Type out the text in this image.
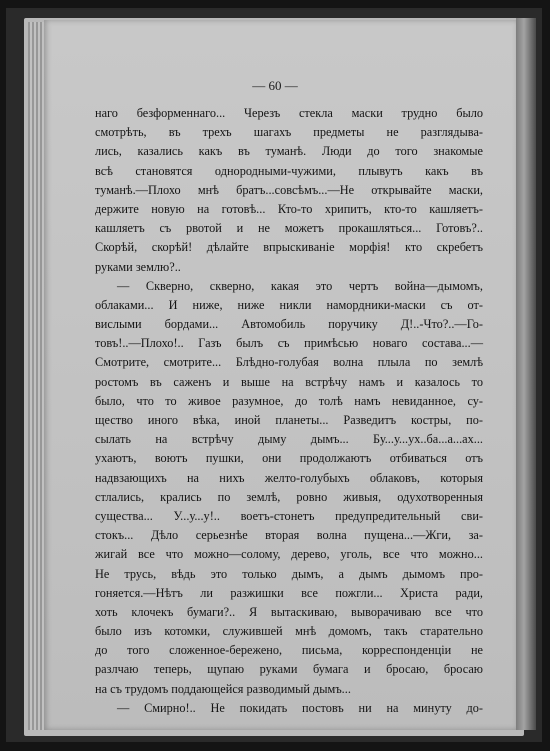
— 60 —
наго безформеннаго... Черезъ стекла маски трудно было
смотрѣть, въ трехъ шагахъ предметы не разглядыва-
лись, казались какъ въ туманѣ. Люди до того знакомые
всѣ становятся однородными-чужими, плывутъ какъ въ
туманѣ.—Плохо мнѣ братъ...совсѣмъ...—Не открывайте маски,
держите новую на готовѣ... Кто-то хрипитъ, кто-то кашляетъ-
кашляетъ съ рвотой и не можетъ прокашляться... Готовъ?..
Скорѣй, скорѣй! дѣлайте впрыскиваніе морфія! кто скребетъ
руками землю?..
— Скверно, скверно, какая это чертъ война—дымомъ,
облаками... И ниже, ниже никли намордники-маски съ от-
вислыми бордами... Автомобиль поручику Д!..-Что?..—Го-
товъ!..—Плохо!.. Газъ былъ съ примѣсью новаго состава...—
Смотрите, смотрите... Блѣдно-голубая волна плыла по землѣ
ростомъ въ саженъ и выше на встрѣчу намъ и казалось то
было, что то живое разумное, до толѣ намъ невиданное, су-
щество иного вѣка, иной планеты... Разведитъ костры, по-
сылать на встрѣчу дыму дымъ... Бу...у...ух..ба...а...ах...
ухаютъ, воютъ пушки, они продолжаютъ отбиваться отъ
надвзающихъ на нихъ желто-голубыхъ облаковъ, которыя
стлались, крались по землѣ, ровно живыя, одухотворенныя
существа... У...у...у!.. воетъ-стонетъ предупредительный сви-
стокъ... Дѣло серьезнѣе вторая волна пущена...—Жги, за-
жигай все что можно—солому, дерево, уголь, все что можно...
Не трусь, вѣдь это только дымъ, а дымъ дымомъ про-
гоняется.—Нѣтъ ли разжишки все пожгли... Христа ради,
хоть клочекъ бумаги?.. Я вытаскиваю, выворачиваю все что
было изъ котомки, служившей мнѣ домомъ, такъ старательно
до того сложенное-бережено, письма, корреспонденціи не
разлчаю теперь, щупаю руками бумага и бросаю, бросаю
на съ трудомъ поддающейся разводимый дымъ...
— Смирно!.. Не покидать постовъ ни на минуту до-
